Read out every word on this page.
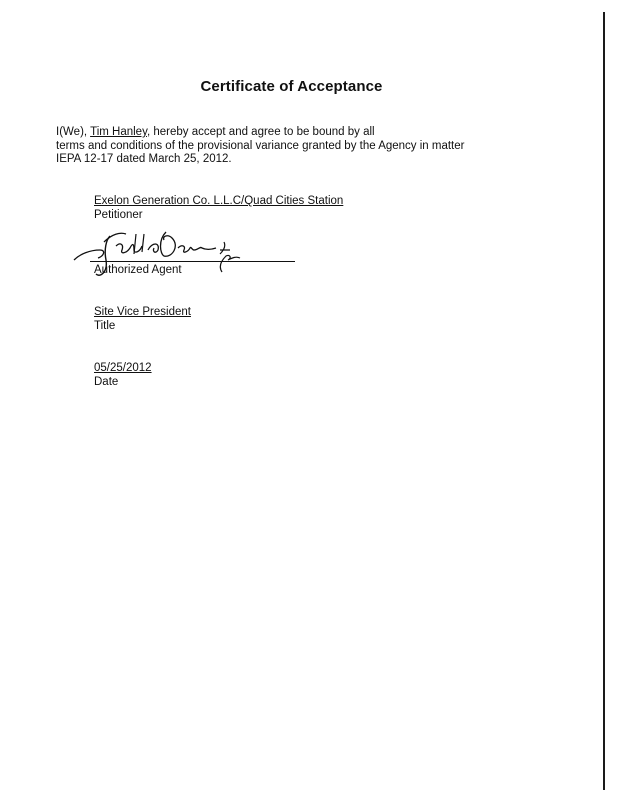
Certificate of Acceptance
I(We), Tim Hanley, hereby accept and agree to be bound by all
terms and conditions of the provisional variance granted by the Agency in matter
IEPA 12-17 dated March 25, 2012.
Exelon Generation Co. L.L.C/Quad Cities Station
Petitioner
Authorized Agent
Site Vice President
Title
05/25/2012
Date
